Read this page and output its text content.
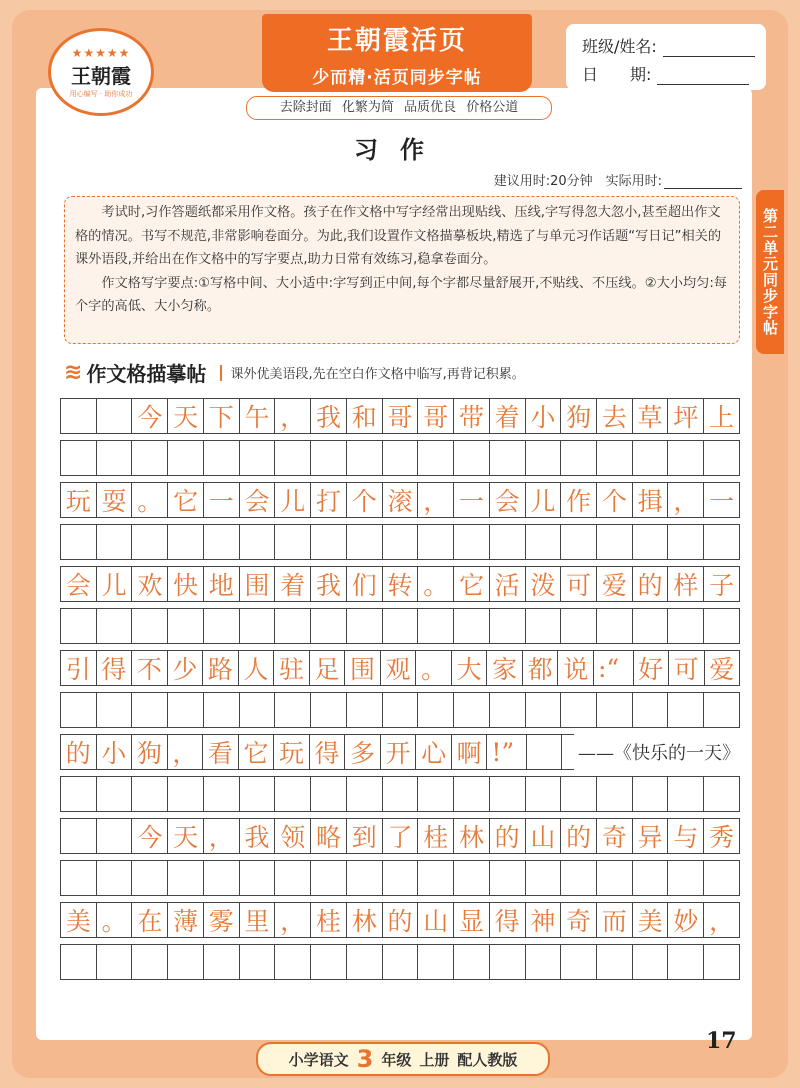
★★★★★
王朝霞
用心编写 · 助你成功
王朝霞活页
少而精·活页同步字帖
班级/姓名:
日　　期:
去除封面 化繁为简 品质优良 价格公道
习作
建议用时:20分钟　实际用时:
第二单元同步字帖

考试时,习作答题纸都采用作文格。孩子在作文格中写字经常出现贴线、压线,字写得忽大忽小,甚至超出作文格的情况。书写不规范,非常影响卷面分。为此,我们设置作文格描摹板块,精选了与单元习作话题“写日记”相关的课外语段,并给出在作文格中的写字要点,助力日常有效练习,稳拿卷面分。

作文格写字要点:①写格中间、大小适中:字写到正中间,每个字都尽量舒展开,不贴线、不压线。②大小均匀:每个字的高低、大小匀称。

≋ 作文格描摹帖 课外优美语段,先在空白作文格中临写,再背记积累。
今 天 下 午 ， 我 和 哥 哥 带 着 小 狗 去 草 坪 上
玩 耍 。 它 一 会 儿 打 个 滚 ， 一 会 儿 作 个 揖 ， 一
会 儿 欢 快 地 围 着 我 们 转 。 它 活 泼 可 爱 的 样 子
引 得 不 少 路 人 驻 足 围 观 。 大 家 都 说 :“ 好 可 爱
的 小 狗 ， 看 它 玩 得 多 开 心 啊 !”	——《快乐的一天》
今 天 ， 我 领 略 到 了 桂 林 的 山 的 奇 异 与 秀
美 。 在 薄 雾 里 ， 桂 林 的 山 显 得 神 奇 而 美 妙 ，
17
小学语文 3 年级 上册 配人教版
